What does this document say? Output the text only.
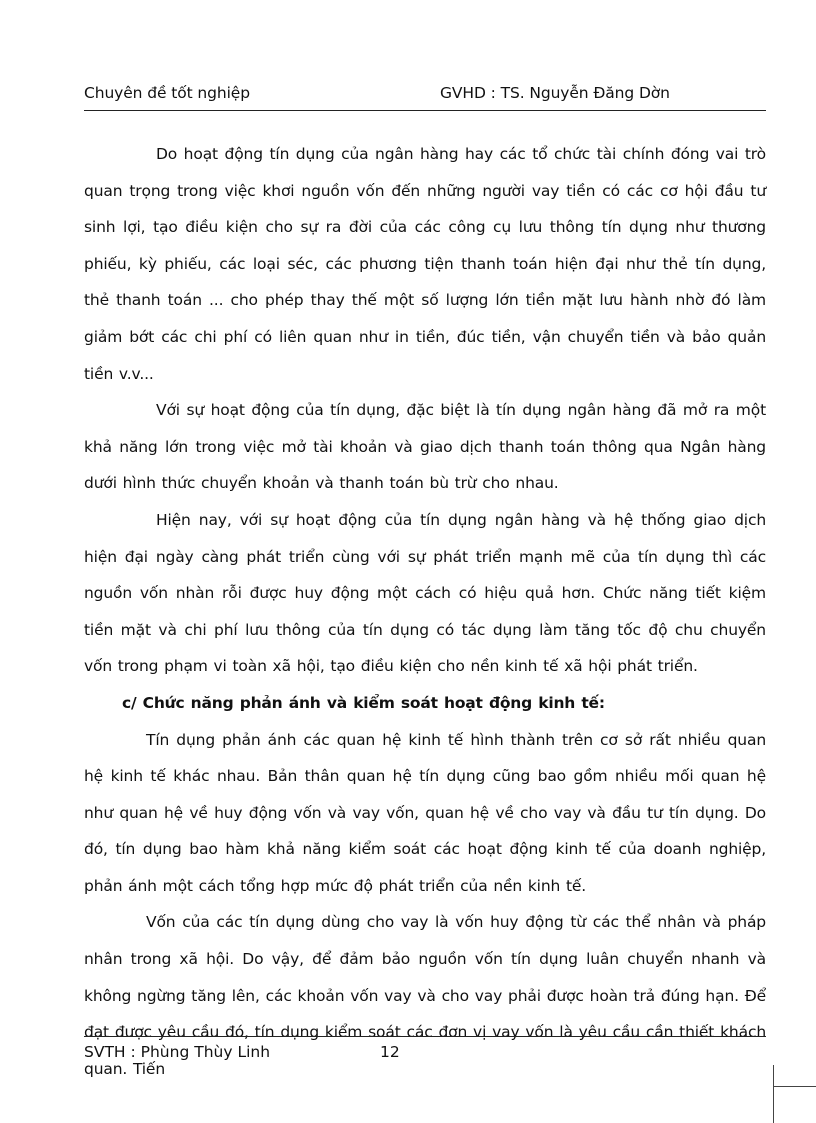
Chuyên đề tốt nghiệp	GVHD : TS. Nguyễn Đăng Dờn

Do hoạt động tín dụng của ngân hàng hay các tổ chức tài chính đóng vai trò quan trọng trong việc khơi nguồn vốn đến những người vay tiền có các cơ hội đầu tư sinh lợi, tạo điều kiện cho sự ra đời của các công cụ lưu thông tín dụng như thương phiếu, kỳ phiếu, các loại séc, các phương tiện thanh toán hiện đại như thẻ tín dụng, thẻ thanh toán ... cho phép thay thế một số lượng lớn tiền mặt lưu hành nhờ đó làm giảm bớt các chi phí có liên quan như in tiền, đúc tiền, vận chuyển tiền và bảo quản tiền v.v...

Với sự hoạt động của tín dụng, đặc biệt là tín dụng ngân hàng đã mở ra một khả năng lớn trong việc mở tài khoản và giao dịch thanh toán thông qua Ngân hàng dưới hình thức chuyển khoản và thanh toán bù trừ cho nhau.

Hiện nay, với sự hoạt động của tín dụng ngân hàng và hệ thống giao dịch hiện đại ngày càng phát triển cùng với sự phát triển mạnh mẽ của tín dụng thì các nguồn vốn nhàn rỗi được huy động một cách có hiệu quả hơn. Chức năng tiết kiệm tiền mặt và chi phí lưu thông của tín dụng có tác dụng làm tăng tốc độ chu chuyển vốn trong phạm vi toàn xã hội, tạo điều kiện cho nền kinh tế xã hội phát triển.

c/ Chức năng phản ánh và kiểm soát hoạt động kinh tế:

Tín dụng phản ánh các quan hệ kinh tế hình thành trên cơ sở rất nhiều quan hệ kinh tế khác nhau. Bản thân quan hệ tín dụng cũng bao gồm nhiều mối quan hệ như quan hệ về huy động vốn và vay vốn, quan hệ về cho vay và đầu tư tín dụng. Do đó, tín dụng bao hàm khả năng kiểm soát các hoạt động kinh tế của doanh nghiệp, phản ánh một cách tổng hợp mức độ phát triển của nền kinh tế.

Vốn của các tín dụng dùng cho vay là vốn huy động từ các thể nhân và pháp nhân trong xã hội. Do vậy, để đảm bảo nguồn vốn tín dụng luân chuyển nhanh và không ngừng tăng lên, các khoản vốn vay và cho vay phải được hoàn trả đúng hạn. Để đạt được yêu cầu đó, tín dụng kiểm soát các đơn vị vay vốn là yêu cầu cần thiết khách quan. Tiến

SVTH : Phùng Thùy Linh	12
